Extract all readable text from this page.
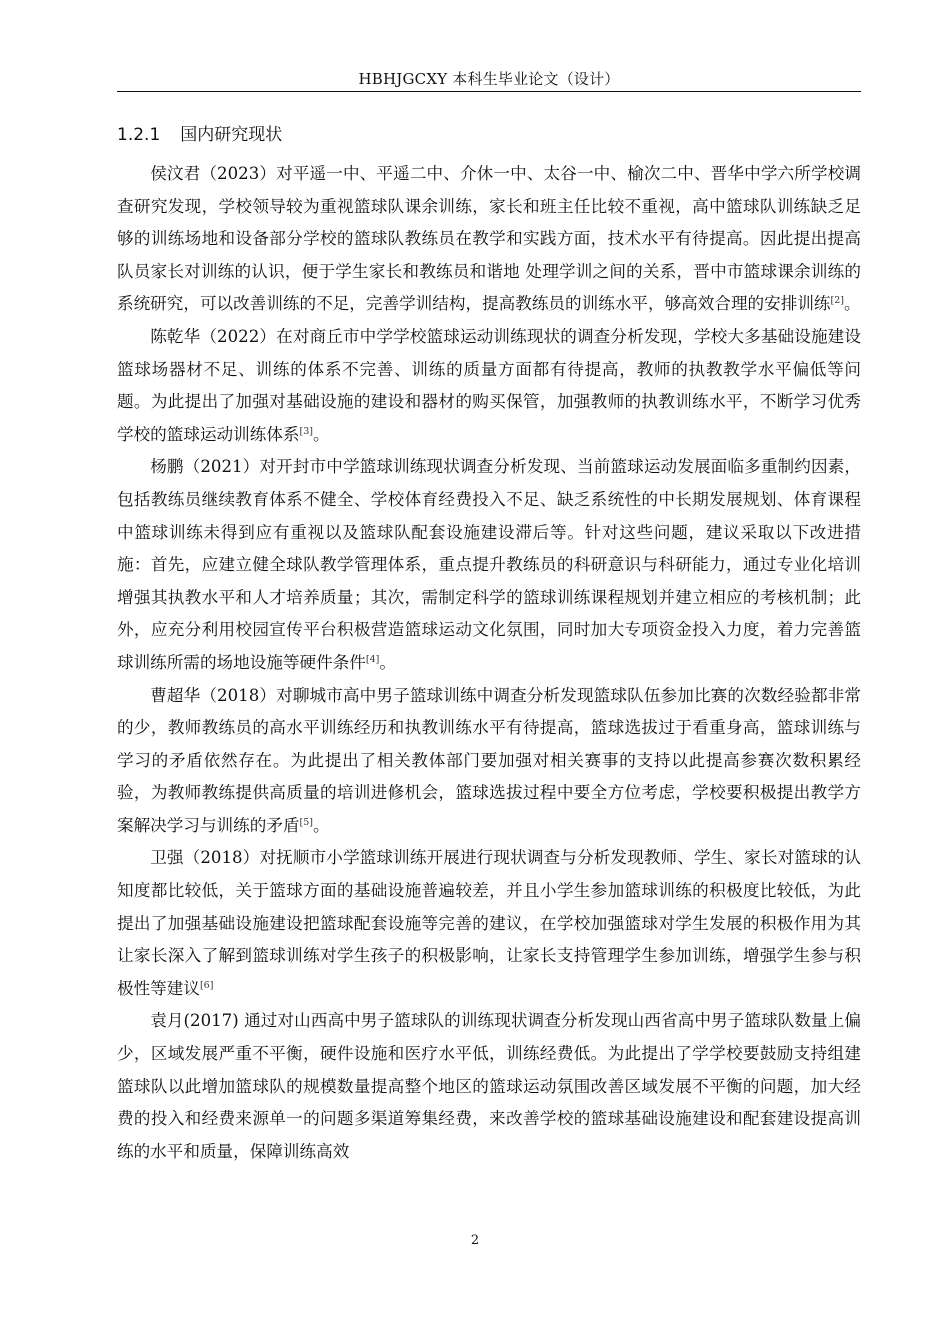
HBHJGCXY 本科生毕业论文（设计）
1.2.1 国内研究现状

侯汶君（2023）对平遥一中、平遥二中、介休一中、太谷一中、榆次二中、晋华中学六所学校调查研究发现，学校领导较为重视篮球队课余训练，家长和班主任比较不重视，高中篮球队训练缺乏足够的训练场地和设备部分学校的篮球队教练员在教学和实践方面，技术水平有待提高。因此提出提高队员家长对训练的认识，便于学生家长和教练员和谐地 处理学训之间的关系，晋中市篮球课余训练的系统研究，可以改善训练的不足，完善学训结构，提高教练员的训练水平，够高效合理的安排训练[2]。

陈乾华（2022）在对商丘市中学学校篮球运动训练现状的调查分析发现，学校大多基础设施建设篮球场器材不足、训练的体系不完善、训练的质量方面都有待提高，教师的执教教学水平偏低等问题。为此提出了加强对基础设施的建设和器材的购买保管，加强教师的执教训练水平，不断学习优秀学校的篮球运动训练体系[3]。

杨鹏（2021）对开封市中学篮球训练现状调查分析发现、当前篮球运动发展面临多重制约因素，包括教练员继续教育体系不健全、学校体育经费投入不足、缺乏系统性的中长期发展规划、体育课程中篮球训练未得到应有重视以及篮球队配套设施建设滞后等。针对这些问题，建议采取以下改进措施：首先，应建立健全球队教学管理体系，重点提升教练员的科研意识与科研能力，通过专业化培训增强其执教水平和人才培养质量；其次，需制定科学的篮球训练课程规划并建立相应的考核机制；此外，应充分利用校园宣传平台积极营造篮球运动文化氛围，同时加大专项资金投入力度，着力完善篮球训练所需的场地设施等硬件条件[4]。

曹超华（2018）对聊城市高中男子篮球训练中调查分析发现篮球队伍参加比赛的次数经验都非常的少，教师教练员的高水平训练经历和执教训练水平有待提高，篮球选拔过于看重身高，篮球训练与学习的矛盾依然存在。为此提出了相关教体部门要加强对相关赛事的支持以此提高参赛次数积累经验，为教师教练提供高质量的培训进修机会，篮球选拔过程中要全方位考虑，学校要积极提出教学方案解决学习与训练的矛盾[5]。

卫强（2018）对抚顺市小学篮球训练开展进行现状调查与分析发现教师、学生、家长对篮球的认知度都比较低，关于篮球方面的基础设施普遍较差，并且小学生参加篮球训练的积极度比较低，为此提出了加强基础设施建设把篮球配套设施等完善的建议，在学校加强篮球对学生发展的积极作用为其让家长深入了解到篮球训练对学生孩子的积极影响，让家长支持管理学生参加训练，增强学生参与积极性等建议[6]

袁月(2017) 通过对山西高中男子篮球队的训练现状调查分析发现山西省高中男子篮球队数量上偏少，区域发展严重不平衡，硬件设施和医疗水平低，训练经费低。为此提出了学学校要鼓励支持组建篮球队以此增加篮球队的规模数量提高整个地区的篮球运动氛围改善区域发展不平衡的问题，加大经费的投入和经费来源单一的问题多渠道筹集经费，来改善学校的篮球基础设施建设和配套建设提高训练的水平和质量，保障训练高效

2
